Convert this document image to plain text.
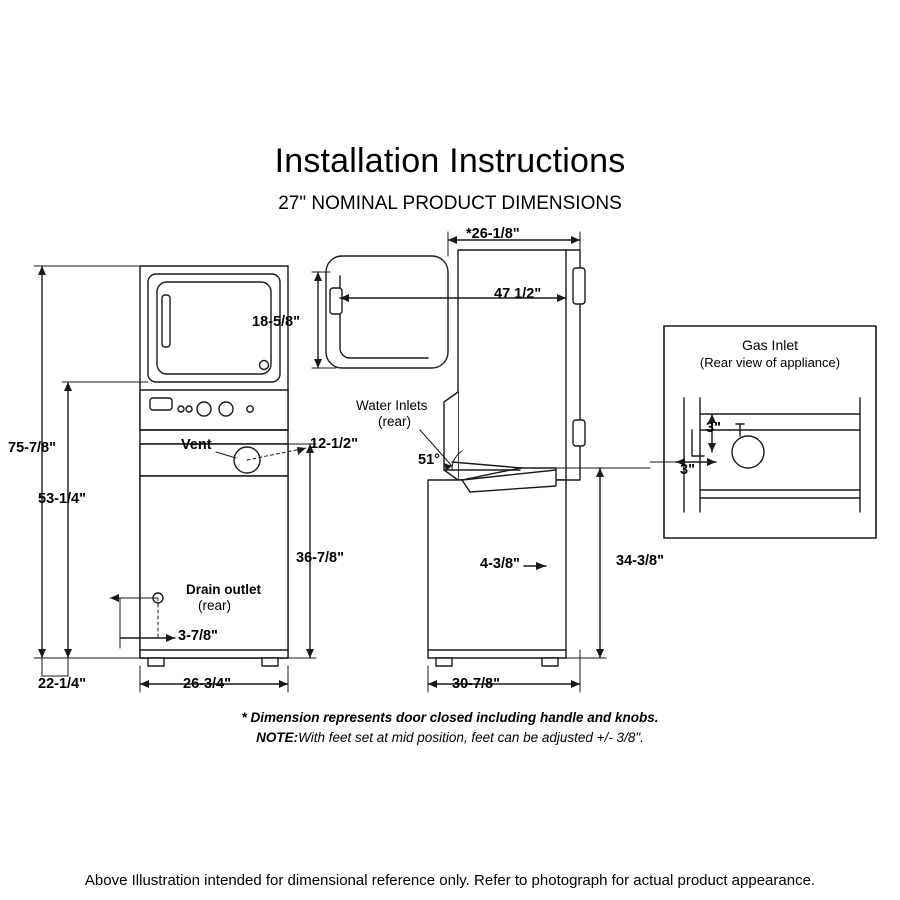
Installation Instructions
27" NOMINAL PRODUCT DIMENSIONS
75-7/8"
53-1/4"
22-1/4"
36-7/8"
26-3/4"
3-7/8"
Vent	12-1/2"
Drain outlet
(rear)
*26-1/8"
47 1/2"
18-5/8"
51°
4-3/8"	34-3/8"
30-7/8"
Water Inlets
(rear)
Gas Inlet
(Rear view of appliance)
3"
3"
* Dimension represents door closed including handle and knobs.
NOTE:With feet set at mid position, feet can be adjusted +/- 3/8".
Above Illustration intended for dimensional reference only. Refer to photograph for actual product appearance.
